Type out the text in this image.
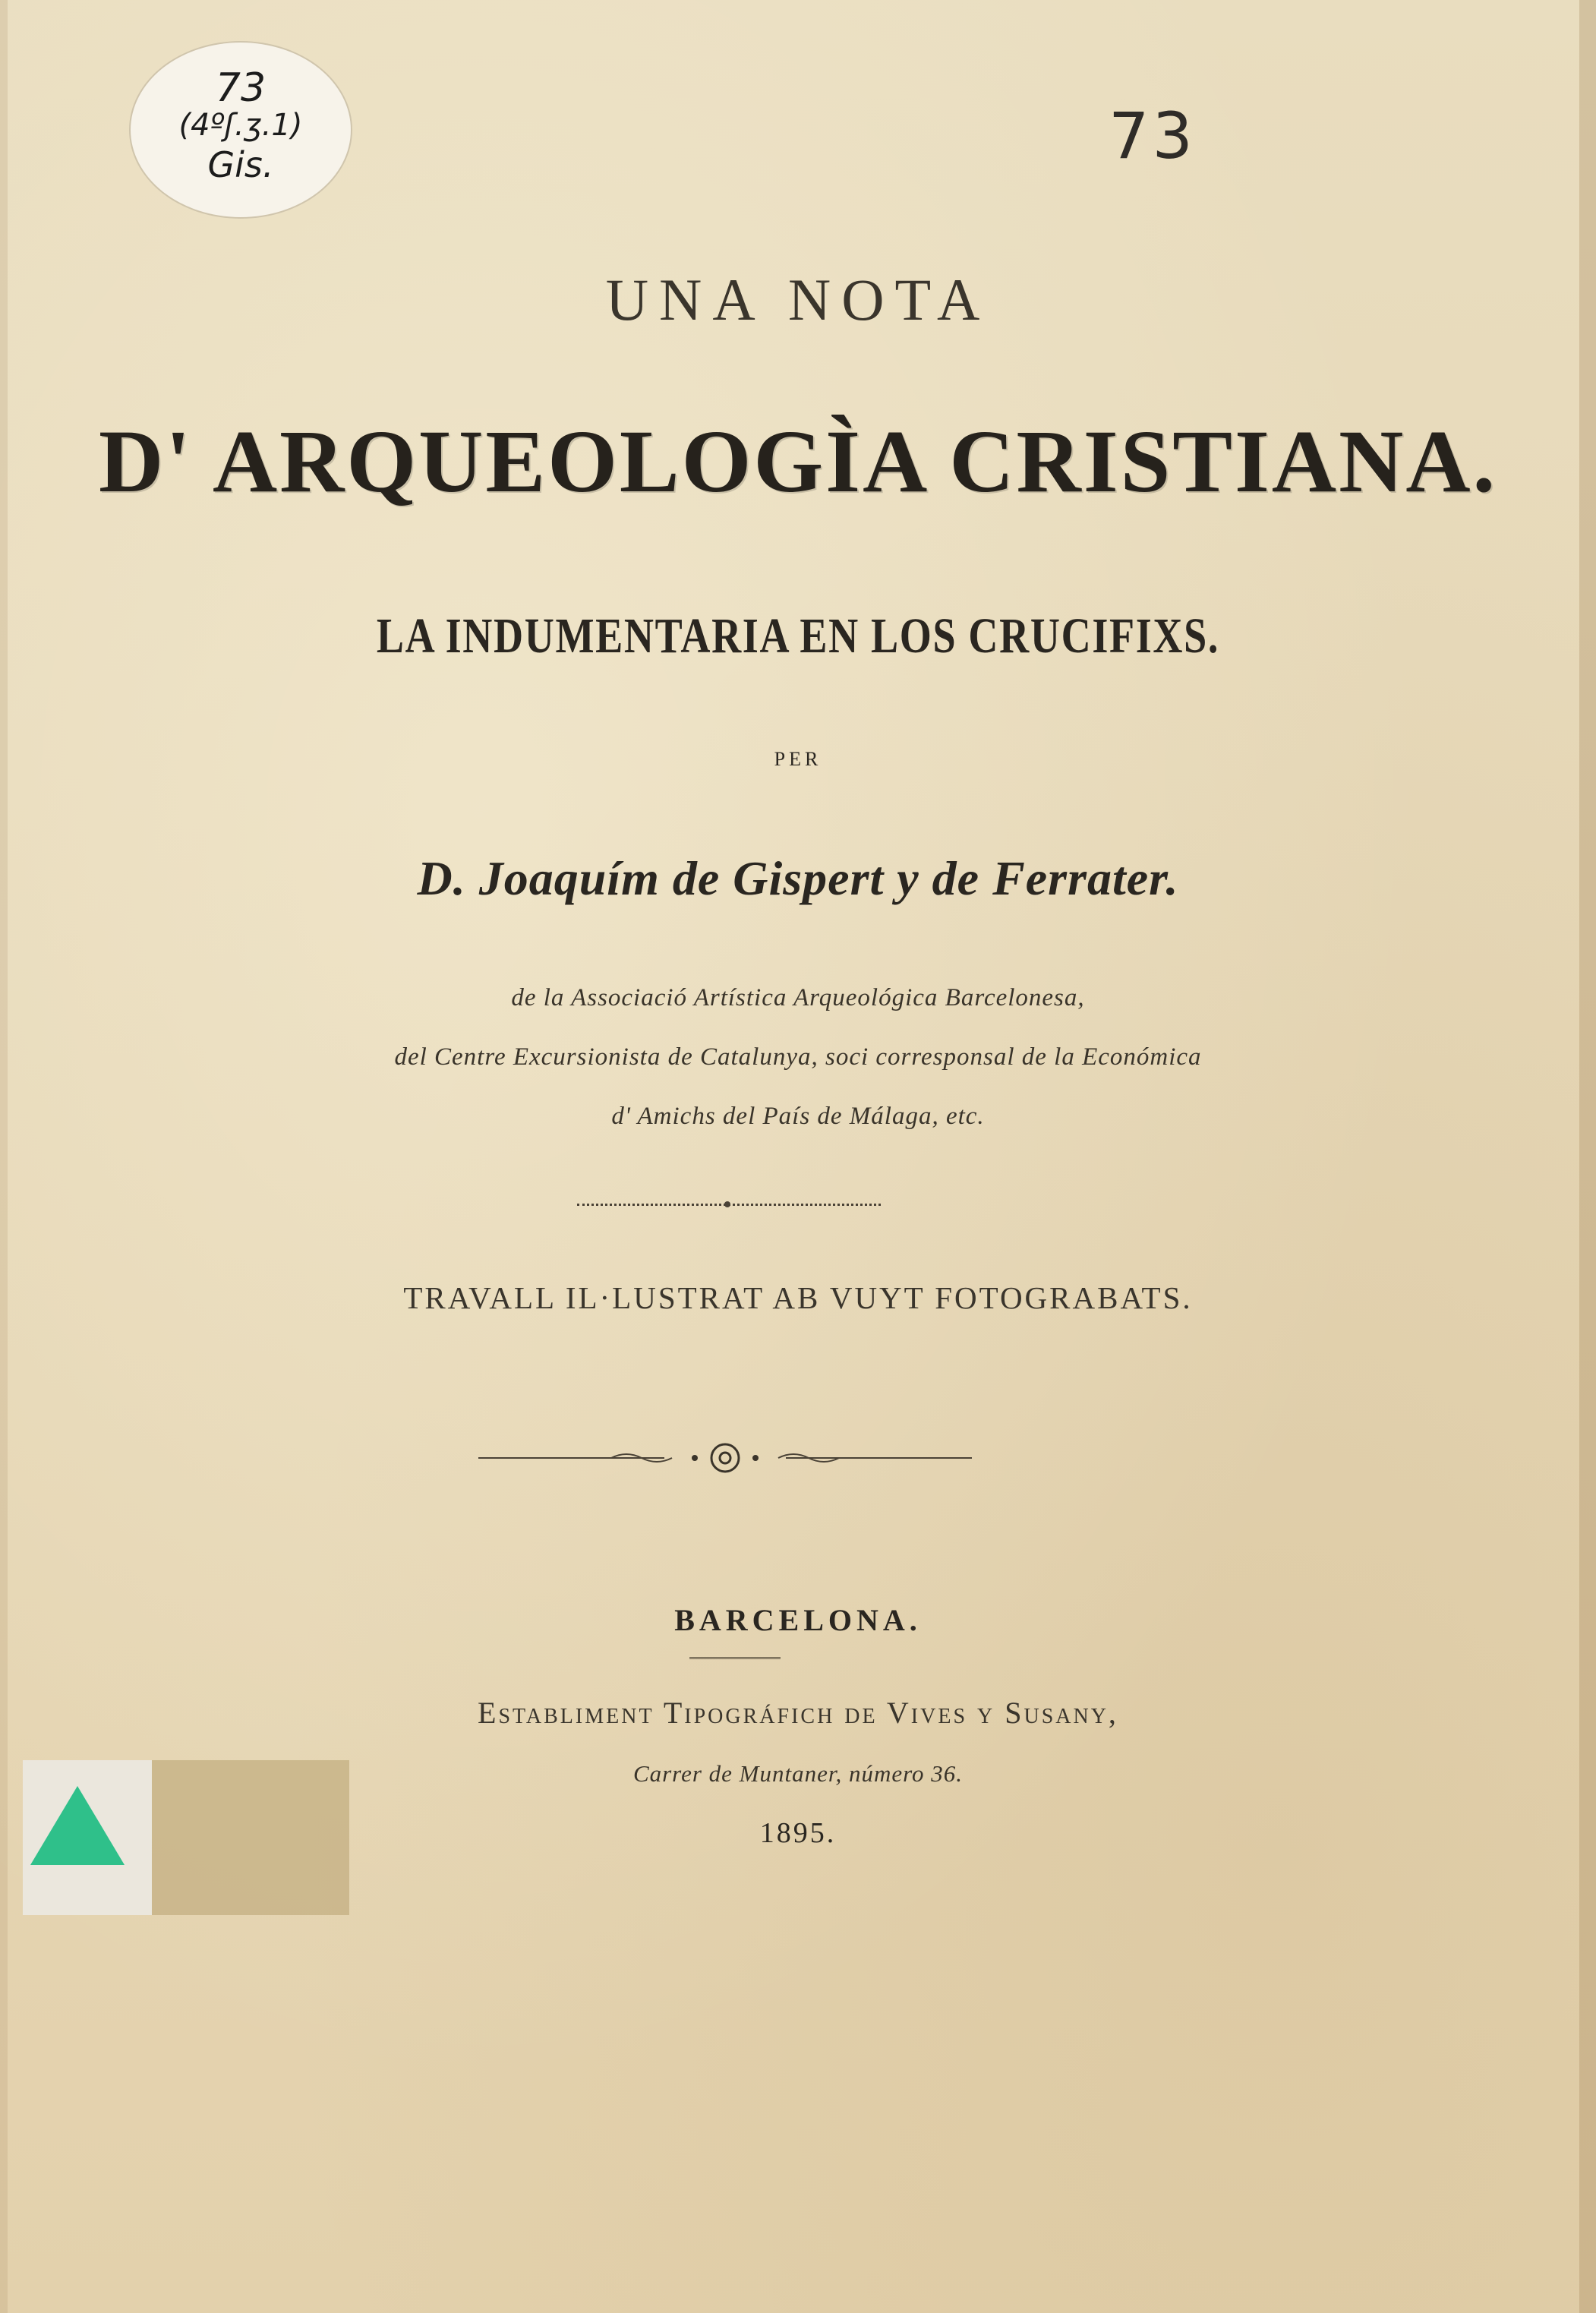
73
(4ºʃ.ʒ.1)
Gis.	73
UNA NOTA
D' ARQUEOLOGÌA CRISTIANA.
LA INDUMENTARIA EN LOS CRUCIFIXS.
PER
D. Joaquím de Gispert y de Ferrater.
de la Associació Artística Arqueológica Barcelonesa,
del Centre Excursionista de Catalunya, soci corresponsal de la Económica
d' Amichs del País de Málaga, etc.
TRAVALL IL·LUSTRAT AB VUYT FOTOGRABATS.
BARCELONA.
Establiment Tipográfich de Vives y Susany,
Carrer de Muntaner, número 36.
1895.
